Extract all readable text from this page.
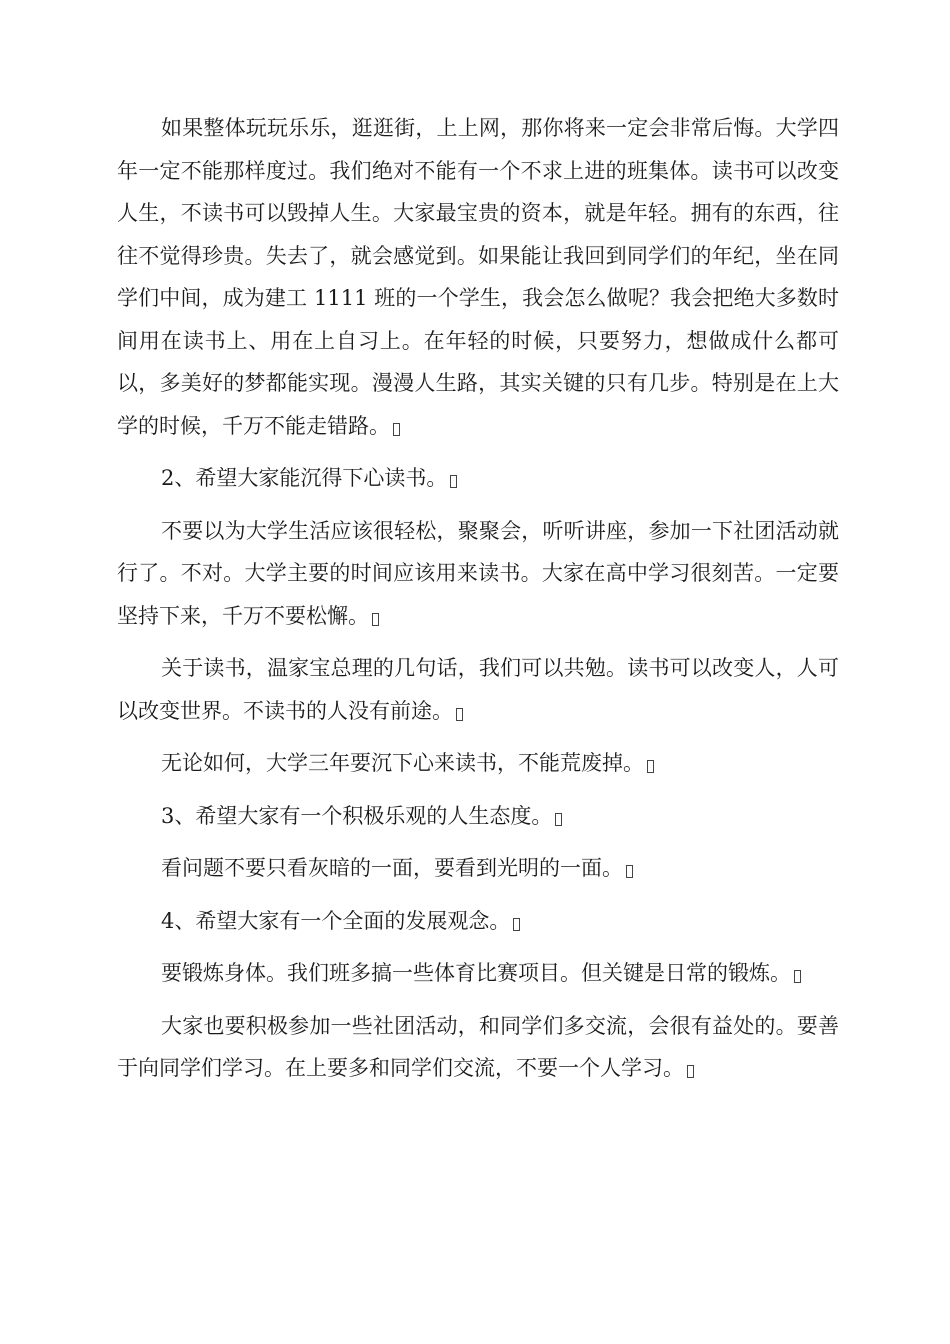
如果整体玩玩乐乐，逛逛街，上上网，那你将来一定会非常后悔。大学四年一定不能那样度过。我们绝对不能有一个不求上进的班集体。读书可以改变人生，不读书可以毁掉人生。大家最宝贵的资本，就是年轻。拥有的东西，往往不觉得珍贵。失去了，就会感觉到。如果能让我回到同学们的年纪，坐在同学们中间，成为建工 1111 班的一个学生，我会怎么做呢？我会把绝大多数时间用在读书上、用在上自习上。在年轻的时候，只要努力，想做成什么都可以，多美好的梦都能实现。漫漫人生路，其实关键的只有几步。特别是在上大学的时候，千万不能走错路。

2、希望大家能沉得下心读书。

不要以为大学生活应该很轻松，聚聚会，听听讲座，参加一下社团活动就行了。不对。大学主要的时间应该用来读书。大家在高中学习很刻苦。一定要坚持下来，千万不要松懈。

关于读书，温家宝总理的几句话，我们可以共勉。读书可以改变人，人可以改变世界。不读书的人没有前途。

无论如何，大学三年要沉下心来读书，不能荒废掉。

3、希望大家有一个积极乐观的人生态度。

看问题不要只看灰暗的一面，要看到光明的一面。

4、希望大家有一个全面的发展观念。

要锻炼身体。我们班多搞一些体育比赛项目。但关键是日常的锻炼。

大家也要积极参加一些社团活动，和同学们多交流，会很有益处的。要善于向同学们学习。在上要多和同学们交流，不要一个人学习。
